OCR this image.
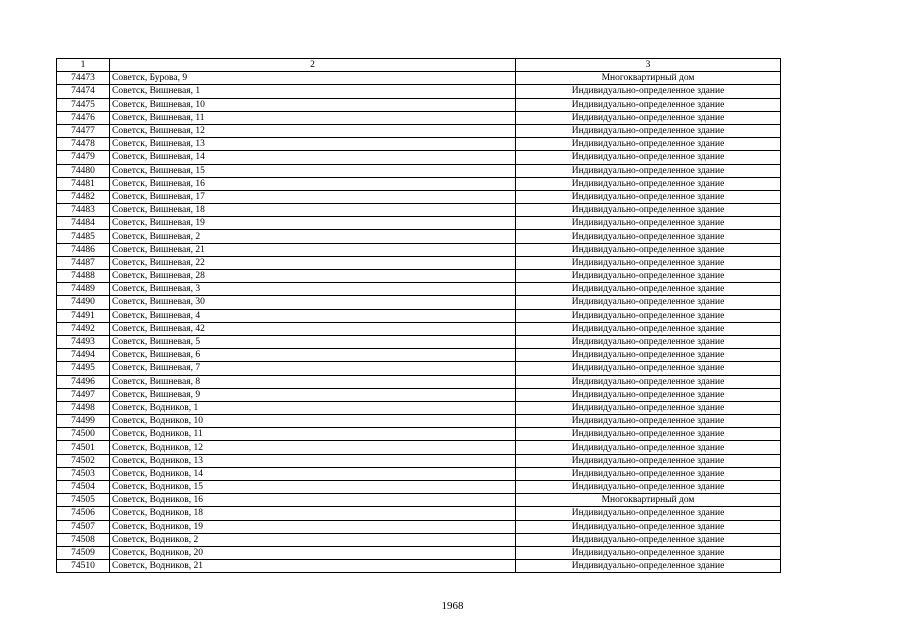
1	2	3
74473	Советск, Бурова, 9	Многоквартирный дом
74474	Советск, Вишневая, 1	Индивидуально-определенное здание
74475	Советск, Вишневая, 10	Индивидуально-определенное здание
74476	Советск, Вишневая, 11	Индивидуально-определенное здание
74477	Советск, Вишневая, 12	Индивидуально-определенное здание
74478	Советск, Вишневая, 13	Индивидуально-определенное здание
74479	Советск, Вишневая, 14	Индивидуально-определенное здание
74480	Советск, Вишневая, 15	Индивидуально-определенное здание
74481	Советск, Вишневая, 16	Индивидуально-определенное здание
74482	Советск, Вишневая, 17	Индивидуально-определенное здание
74483	Советск, Вишневая, 18	Индивидуально-определенное здание
74484	Советск, Вишневая, 19	Индивидуально-определенное здание
74485	Советск, Вишневая, 2	Индивидуально-определенное здание
74486	Советск, Вишневая, 21	Индивидуально-определенное здание
74487	Советск, Вишневая, 22	Индивидуально-определенное здание
74488	Советск, Вишневая, 28	Индивидуально-определенное здание
74489	Советск, Вишневая, 3	Индивидуально-определенное здание
74490	Советск, Вишневая, 30	Индивидуально-определенное здание
74491	Советск, Вишневая, 4	Индивидуально-определенное здание
74492	Советск, Вишневая, 42	Индивидуально-определенное здание
74493	Советск, Вишневая, 5	Индивидуально-определенное здание
74494	Советск, Вишневая, 6	Индивидуально-определенное здание
74495	Советск, Вишневая, 7	Индивидуально-определенное здание
74496	Советск, Вишневая, 8	Индивидуально-определенное здание
74497	Советск, Вишневая, 9	Индивидуально-определенное здание
74498	Советск, Водников, 1	Индивидуально-определенное здание
74499	Советск, Водников, 10	Индивидуально-определенное здание
74500	Советск, Водников, 11	Индивидуально-определенное здание
74501	Советск, Водников, 12	Индивидуально-определенное здание
74502	Советск, Водников, 13	Индивидуально-определенное здание
74503	Советск, Водников, 14	Индивидуально-определенное здание
74504	Советск, Водников, 15	Индивидуально-определенное здание
74505	Советск, Водников, 16	Многоквартирный дом
74506	Советск, Водников, 18	Индивидуально-определенное здание
74507	Советск, Водников, 19	Индивидуально-определенное здание
74508	Советск, Водников, 2	Индивидуально-определенное здание
74509	Советск, Водников, 20	Индивидуально-определенное здание
74510	Советск, Водников, 21	Индивидуально-определенное здание
1968
